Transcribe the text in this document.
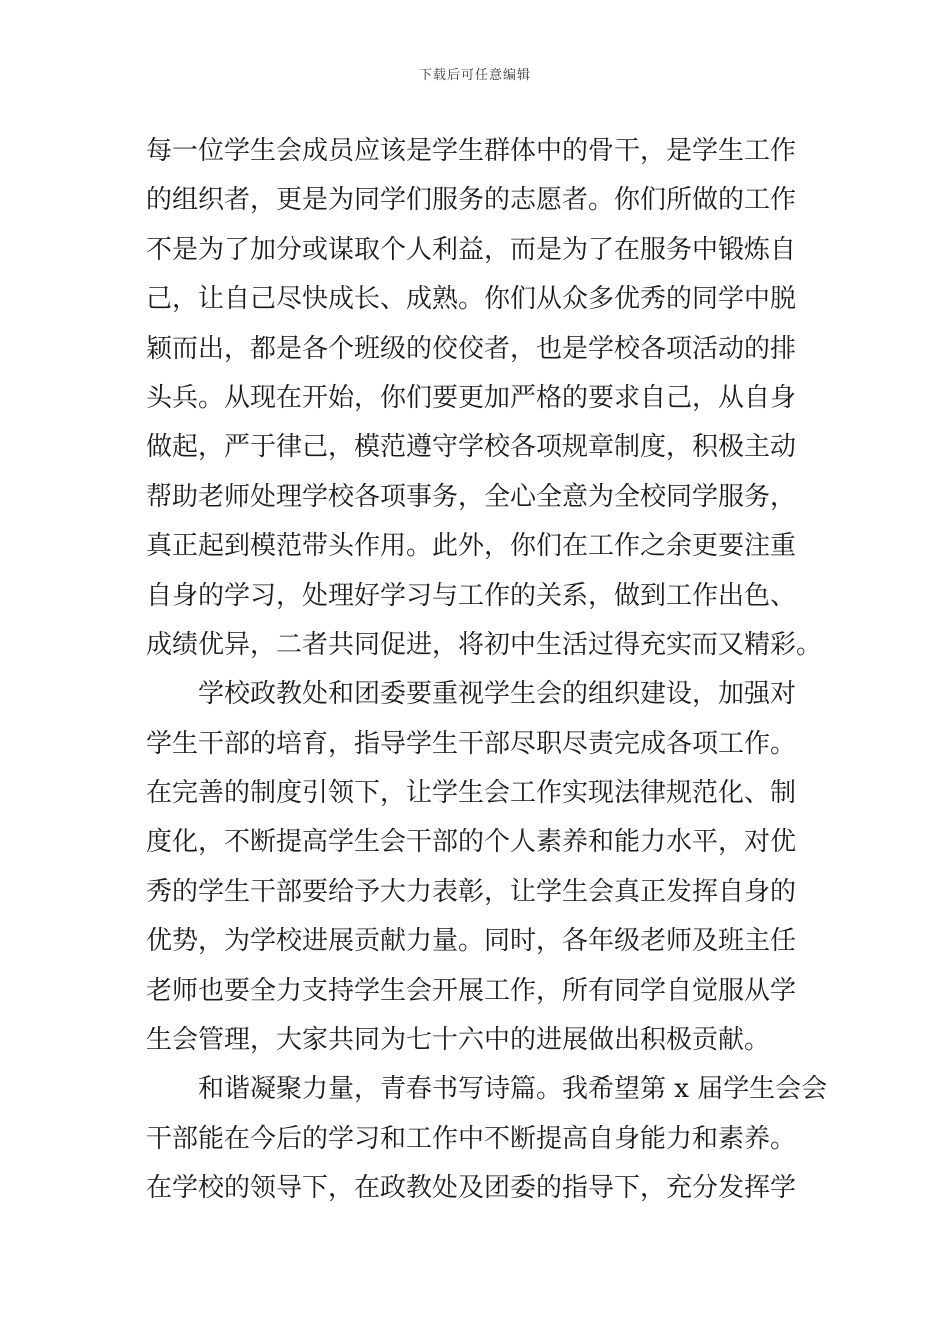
下载后可任意编辑
每一位学生会成员应该是学生群体中的骨干，是学生工作
的组织者，更是为同学们服务的志愿者。你们所做的工作
不是为了加分或谋取个人利益，而是为了在服务中锻炼自
己，让自己尽快成长、成熟。你们从众多优秀的同学中脱
颖而出，都是各个班级的佼佼者，也是学校各项活动的排
头兵。从现在开始，你们要更加严格的要求自己，从自身
做起，严于律己，模范遵守学校各项规章制度，积极主动
帮助老师处理学校各项事务，全心全意为全校同学服务，
真正起到模范带头作用。此外，你们在工作之余更要注重
自身的学习，处理好学习与工作的关系，做到工作出色、
成绩优异，二者共同促进，将初中生活过得充实而又精彩。
学校政教处和团委要重视学生会的组织建设，加强对
学生干部的培育，指导学生干部尽职尽责完成各项工作。
在完善的制度引领下，让学生会工作实现法律规范化、制
度化，不断提高学生会干部的个人素养和能力水平，对优
秀的学生干部要给予大力表彰，让学生会真正发挥自身的
优势，为学校进展贡献力量。同时，各年级老师及班主任
老师也要全力支持学生会开展工作，所有同学自觉服从学
生会管理，大家共同为七十六中的进展做出积极贡献。
和谐凝聚力量，青春书写诗篇。我希望第 x 届学生会会
干部能在今后的学习和工作中不断提高自身能力和素养。
在学校的领导下，在政教处及团委的指导下，充分发挥学
